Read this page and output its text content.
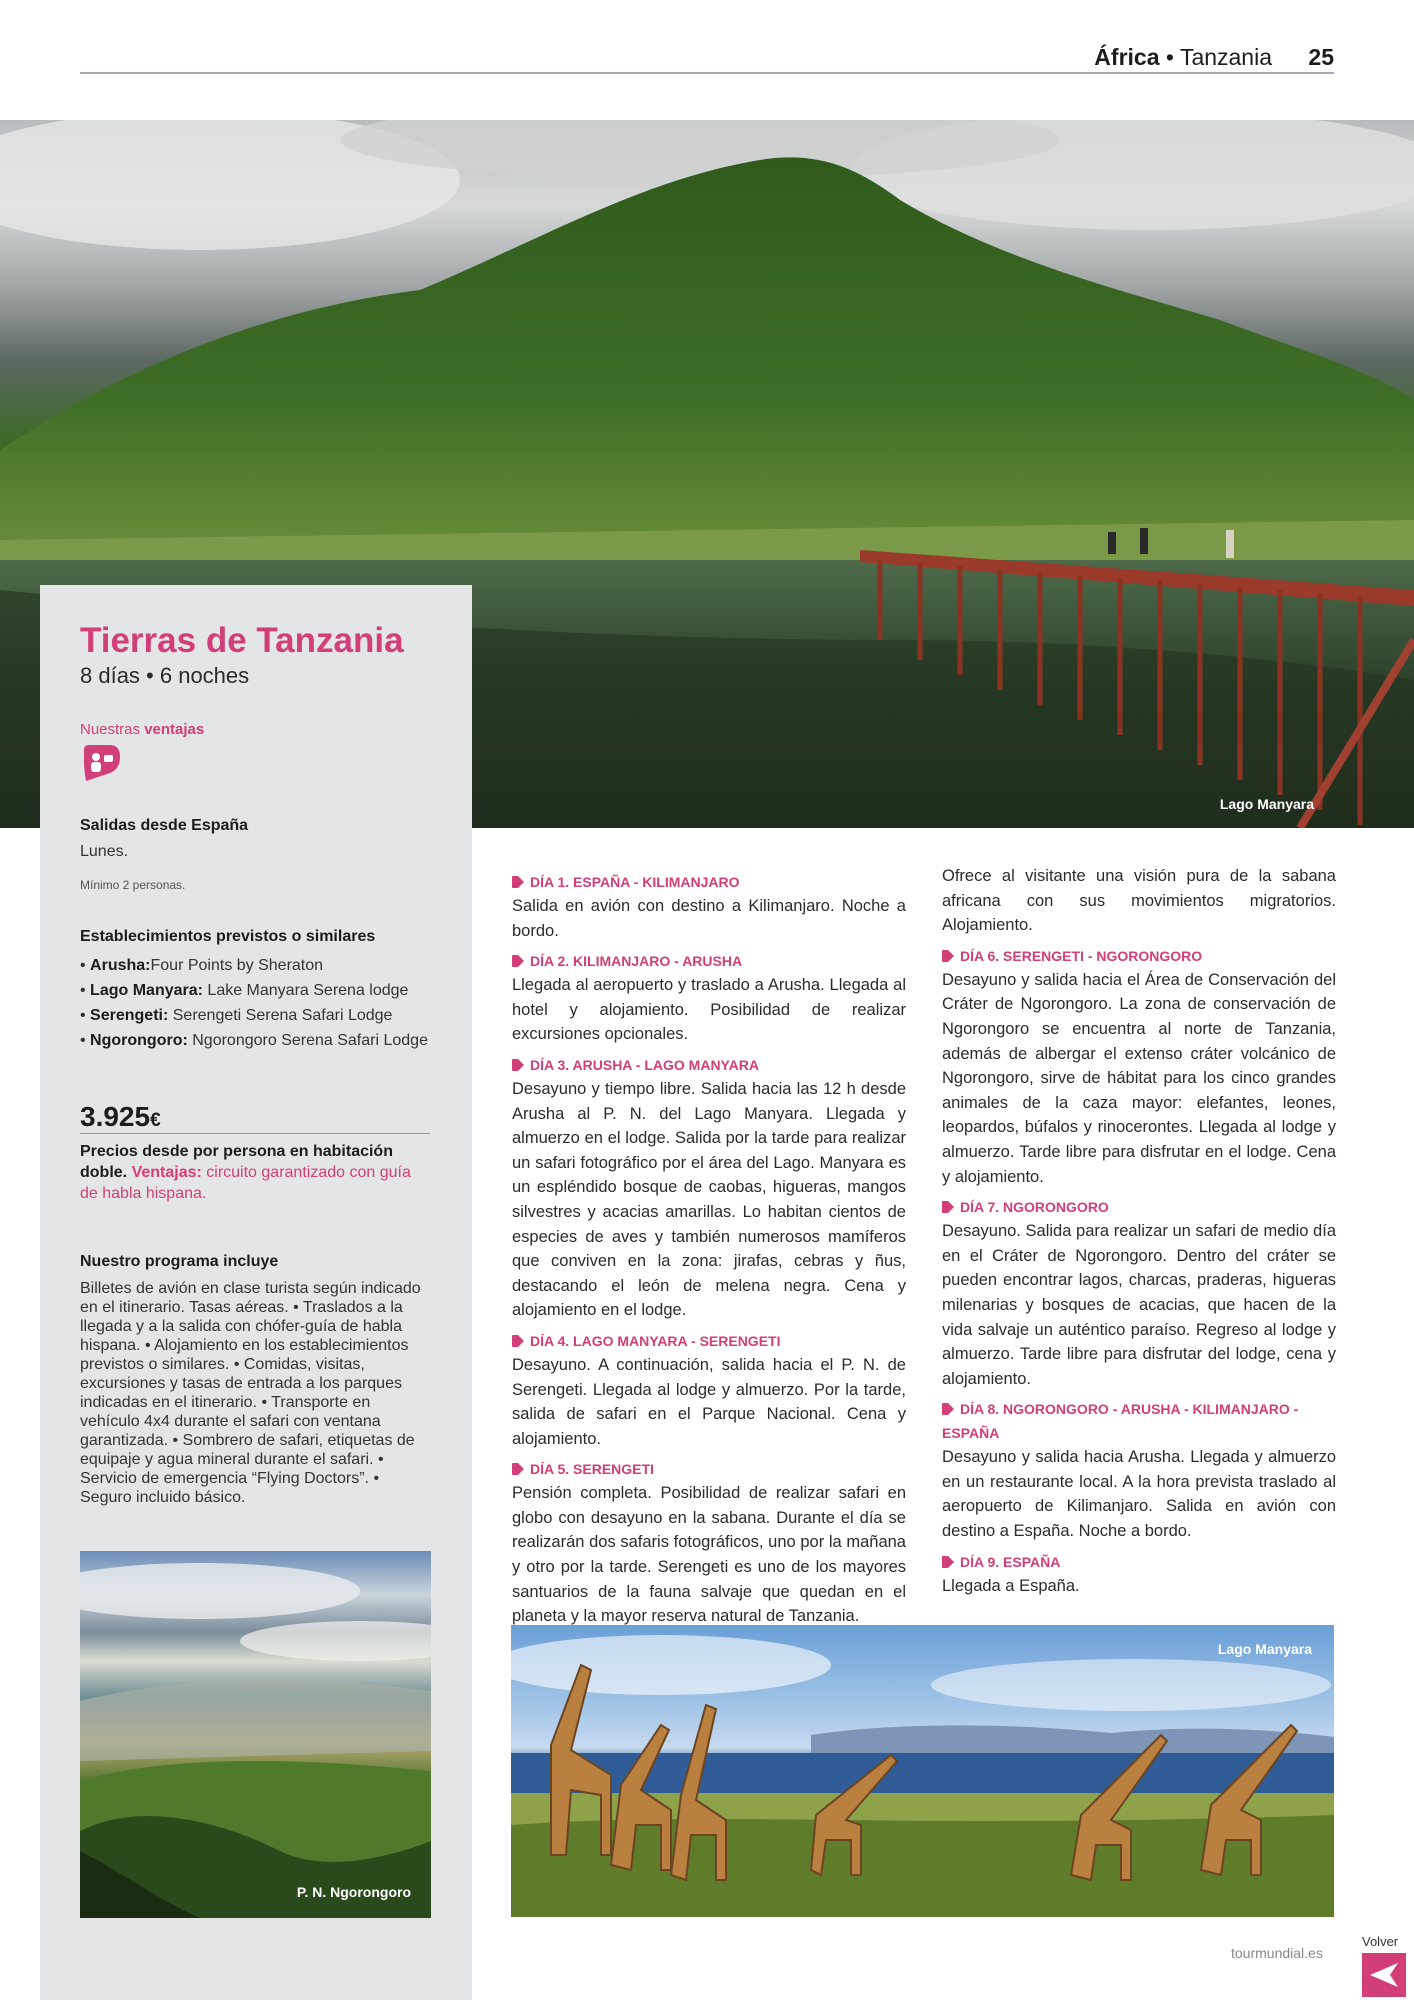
África • Tanzania 25
Lago Manyara
Tierras de Tanzania
8 días • 6 noches
Nuestras ventajas
Salidas desde España
Lunes.
Mínimo 2 personas.
Establecimientos previstos o similares
• Arusha:Four Points by Sheraton
• Lago Manyara: Lake Manyara Serena lodge
• Serengeti: Serengeti Serena Safari Lodge
• Ngorongoro: Ngorongoro Serena Safari Lodge
3.925€
Precios desde por persona en habitación doble. Ventajas: circuito garantizado con guía de habla hispana.
Nuestro programa incluye
Billetes de avión en clase turista según indicado en el itinerario. Tasas aéreas. • Traslados a la llegada y a la salida con chófer-guía de habla hispana. • Alojamiento en los establecimientos previstos o similares. • Comidas, visitas, excursiones y tasas de entrada a los parques indicadas en el itinerario. • Transporte en vehículo 4x4 durante el safari con ventana garantizada. • Sombrero de safari, etiquetas de equipaje y agua mineral durante el safari. • Servicio de emergencia “Flying Doctors”. • Seguro incluido básico.
P. N. Ngorongoro
DÍA 1. ESPAÑA - KILIMANJARO
Salida en avión con destino a Kilimanjaro. Noche a bordo.
DÍA 2. KILIMANJARO - ARUSHA
Llegada al aeropuerto y traslado a Arusha. Llegada al hotel y alojamiento. Posibilidad de realizar excursiones opcionales.
DÍA 3. ARUSHA - LAGO MANYARA
Desayuno y tiempo libre. Salida hacia las 12 h desde Arusha al P. N. del Lago Manyara. Llegada y almuerzo en el lodge. Salida por la tarde para realizar un safari fotográfico por el área del Lago. Manyara es un espléndido bosque de caobas, higueras, mangos silvestres y acacias amarillas. Lo habitan cientos de especies de aves y también numerosos mamíferos que conviven en la zona: jirafas, cebras y ñus, destacando el león de melena negra. Cena y alojamiento en el lodge.
DÍA 4. LAGO MANYARA - SERENGETI
Desayuno. A continuación, salida hacia el P. N. de Serengeti. Llegada al lodge y almuerzo. Por la tarde, salida de safari en el Parque Nacional. Cena y alojamiento.
DÍA 5. SERENGETI
Pensión completa. Posibilidad de realizar safari en globo con desayuno en la sabana. Durante el día se realizarán dos safaris fotográficos, uno por la mañana y otro por la tarde. Serengeti es uno de los mayores santuarios de la fauna salvaje que quedan en el planeta y la mayor reserva natural de Tanzania.
Ofrece al visitante una visión pura de la sabana africana con sus movimientos migratorios. Alojamiento.
DÍA 6. SERENGETI - NGORONGORO
Desayuno y salida hacia el Área de Conservación del Cráter de Ngorongoro. La zona de conservación de Ngorongoro se encuentra al norte de Tanzania, además de albergar el extenso cráter volcánico de Ngorongoro, sirve de hábitat para los cinco grandes animales de la caza mayor: elefantes, leones, leopardos, búfalos y rinocerontes. Llegada al lodge y almuerzo. Tarde libre para disfrutar en el lodge. Cena y alojamiento.
DÍA 7. NGORONGORO
Desayuno. Salida para realizar un safari de medio día en el Cráter de Ngorongoro. Dentro del cráter se pueden encontrar lagos, charcas, praderas, higueras milenarias y bosques de acacias, que hacen de la vida salvaje un auténtico paraíso. Regreso al lodge y almuerzo. Tarde libre para disfrutar del lodge, cena y alojamiento.
DÍA 8. NGORONGORO - ARUSHA - KILIMANJARO - ESPAÑA
Desayuno y salida hacia Arusha. Llegada y almuerzo en un restaurante local. A la hora prevista traslado al aeropuerto de Kilimanjaro. Salida en avión con destino a España. Noche a bordo.
DÍA 9. ESPAÑA
Llegada a España.
Lago Manyara
tourmundial.es
Volver
